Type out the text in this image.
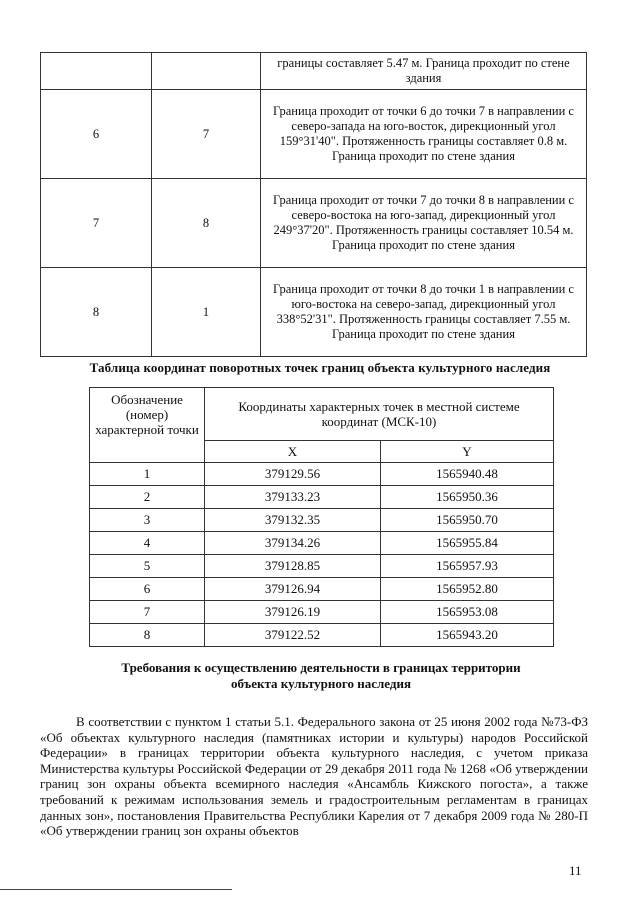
		границы составляет 5.47 м. Граница проходит по стене здания
6	7	Граница проходит от точки 6 до точки 7 в направлении с северо-запада на юго-восток, дирекционный угол 159°31'40". Протяженность границы составляет 0.8 м. Граница проходит по стене здания
7	8	Граница проходит от точки 7 до точки 8 в направлении с северо-востока на юго-запад, дирекционный угол 249°37'20". Протяженность границы составляет 10.54 м. Граница проходит по стене здания
8	1	Граница проходит от точки 8 до точки 1 в направлении с юго-востока на северо-запад, дирекционный угол 338°52'31". Протяженность границы составляет 7.55 м. Граница проходит по стене здания
Таблица координат поворотных точек границ объекта культурного наследия
Обозначение (номер) характерной точки	Координаты характерных точек в местной системе координат (МСК-10)	
	X	Y
1	379129.56	1565940.48
2	379133.23	1565950.36
3	379132.35	1565950.70
4	379134.26	1565955.84
5	379128.85	1565957.93
6	379126.94	1565952.80
7	379126.19	1565953.08
8	379122.52	1565943.20
Требования к осуществлению деятельности в границах территории
объекта культурного наследия

В соответствии с пунктом 1 статьи 5.1. Федерального закона от 25 июня 2002 года №73-ФЗ «Об объектах культурного наследия (памятниках истории и культуры) народов Российской Федерации» в границах территории объекта культурного наследия, с учетом приказа Министерства культуры Российской Федерации от 29 декабря 2011 года № 1268 «Об утверждении границ зон охраны объекта всемирного наследия «Ансамбль Кижского погоста», а также требований к режимам использования земель и градостроительным регламентам в границах данных зон», постановления Правительства Республики Карелия от 7 декабря 2009 года № 280-П «Об утверждении границ зон охраны объектов

11
